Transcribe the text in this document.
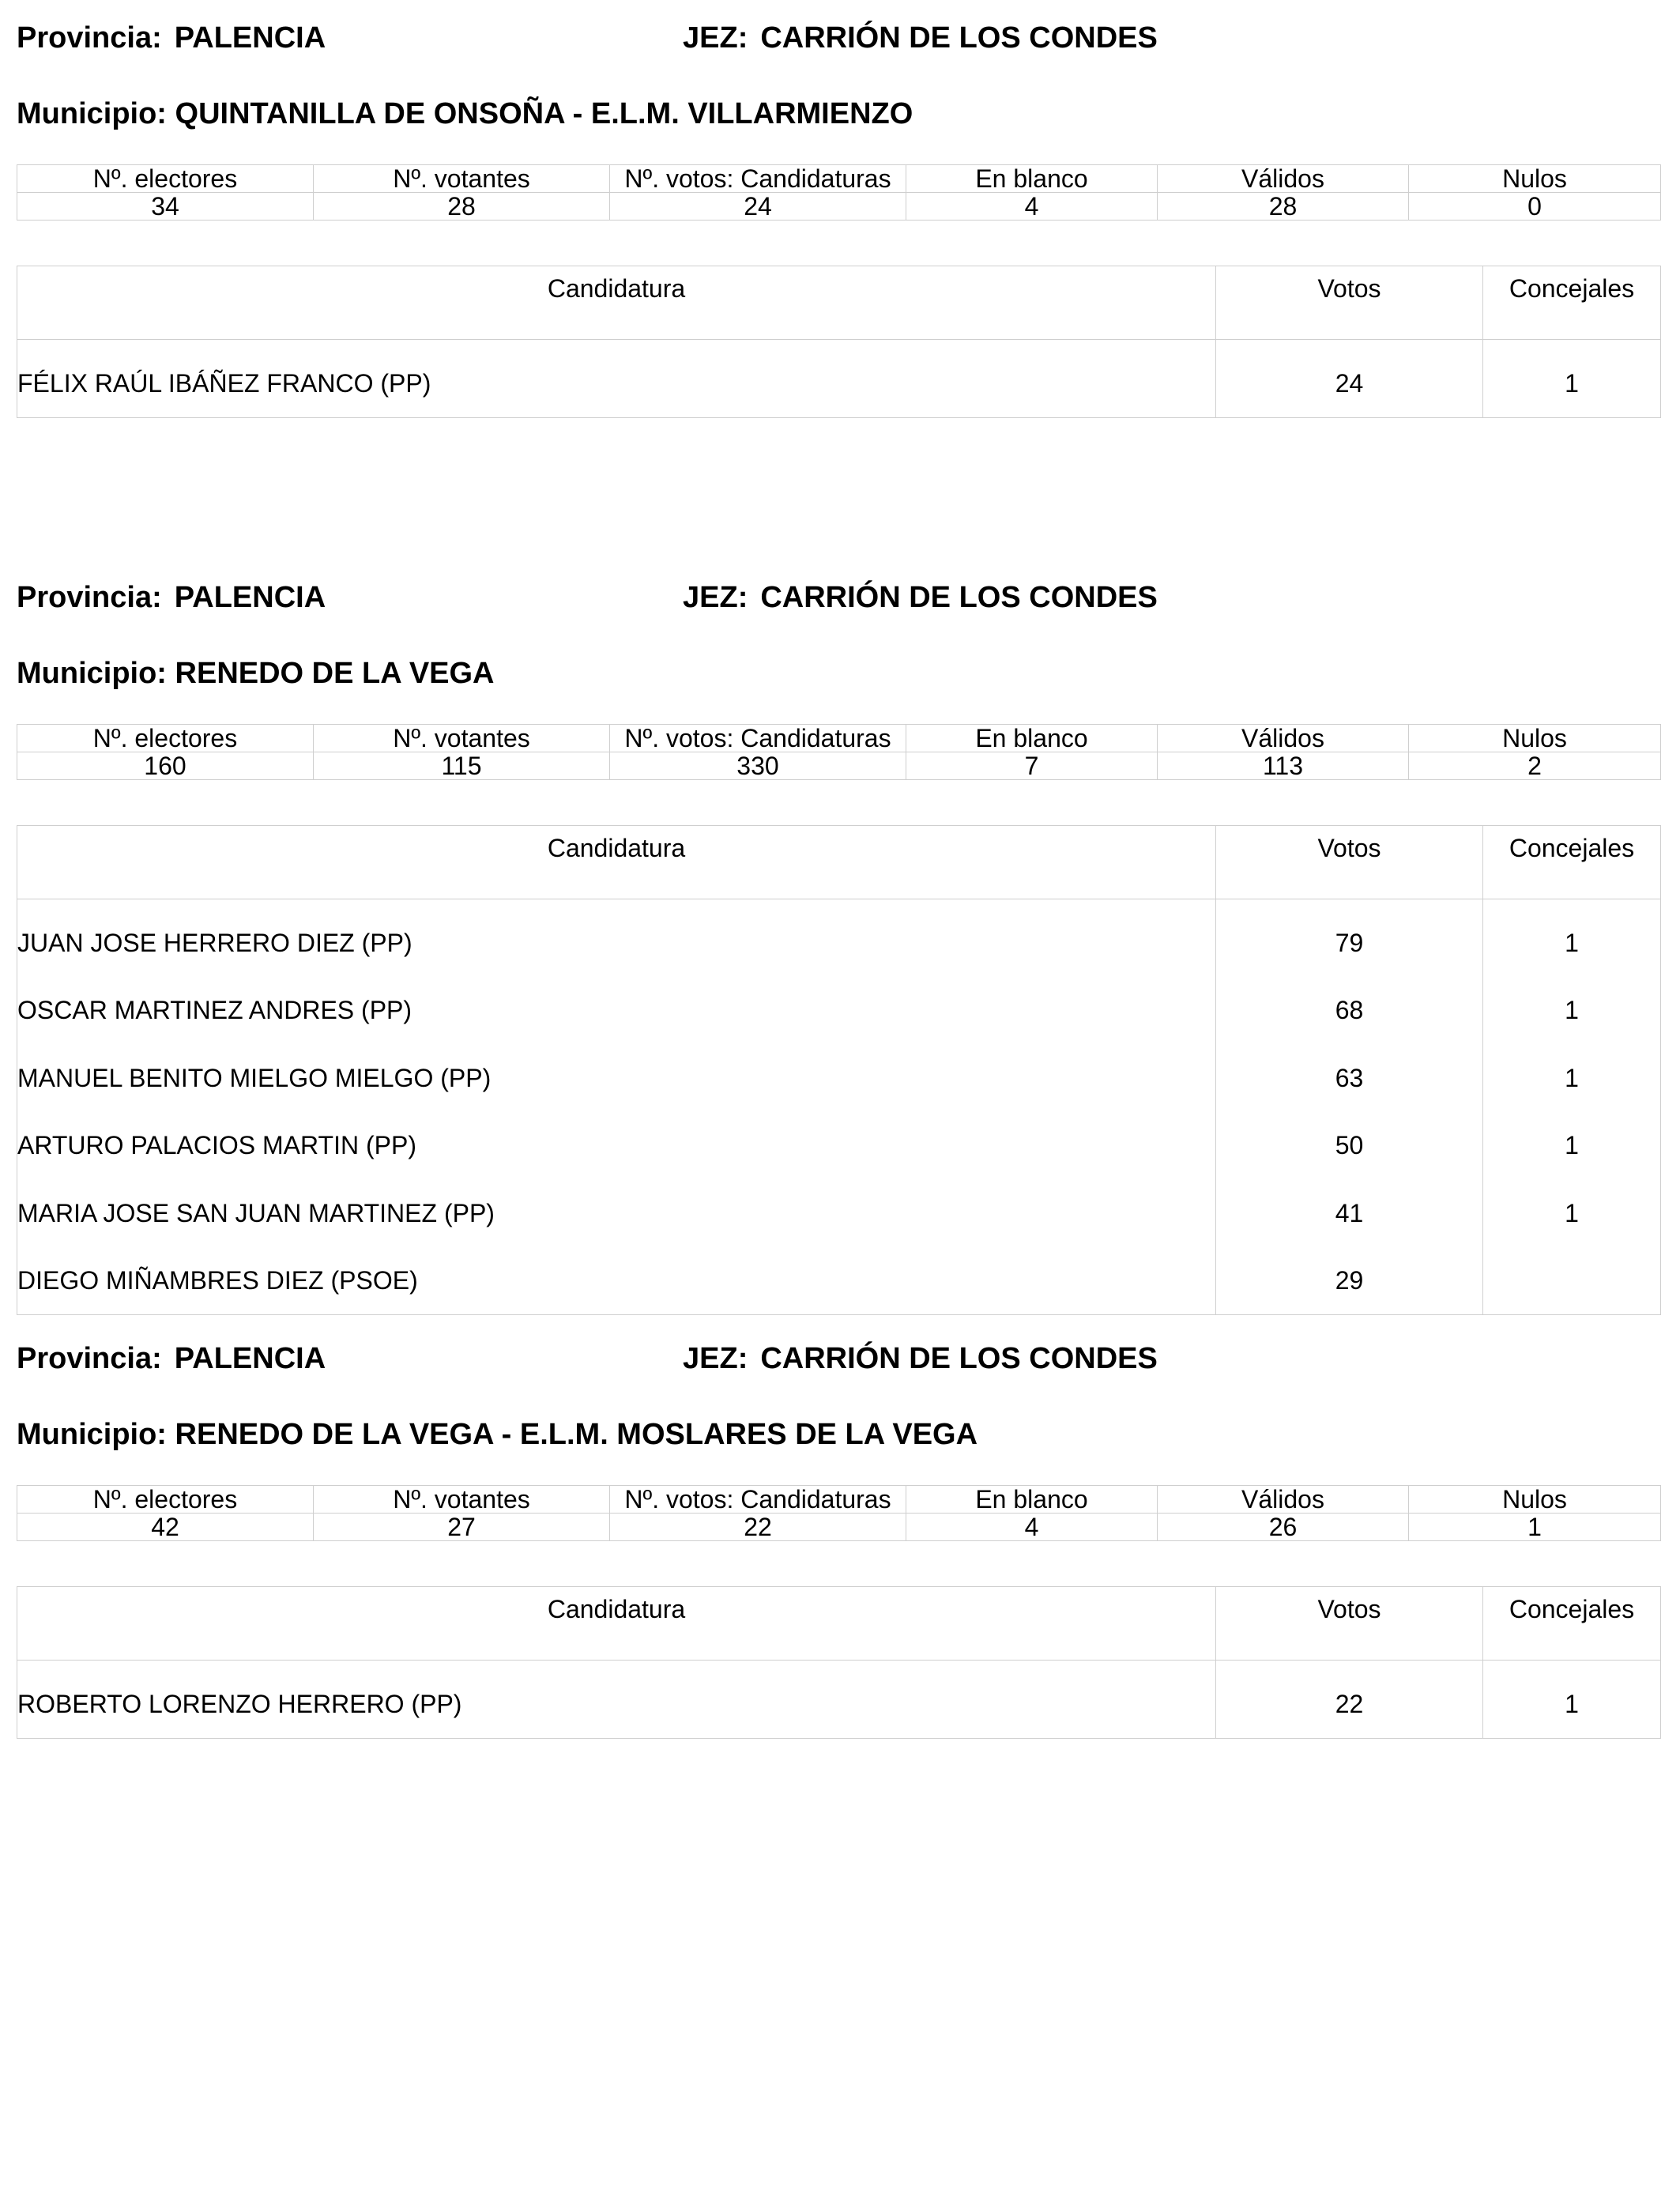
Provincia: PALENCIA	JEZ: CARRIÓN DE LOS CONDES
Municipio: QUINTANILLA DE ONSOÑA - E.L.M. VILLARMIENZO
Nº. electores	Nº. votantes	Nº. votos: Candidaturas	En blanco	Válidos	Nulos
34	28	24	4	28	0
Candidatura	Votos	Concejales
FÉLIX RAÚL IBÁÑEZ FRANCO (PP)	24	1
Provincia: PALENCIA	JEZ: CARRIÓN DE LOS CONDES
Municipio: RENEDO DE LA VEGA
Nº. electores	Nº. votantes	Nº. votos: Candidaturas	En blanco	Válidos	Nulos
160	115	330	7	113	2
Candidatura	Votos	Concejales
JUAN JOSE HERRERO DIEZ (PP)	79	1
OSCAR MARTINEZ ANDRES (PP)	68	1
MANUEL BENITO MIELGO MIELGO (PP)	63	1
ARTURO PALACIOS MARTIN (PP)	50	1
MARIA JOSE SAN JUAN MARTINEZ (PP)	41	1
DIEGO MIÑAMBRES DIEZ (PSOE)	29	
Provincia: PALENCIA	JEZ: CARRIÓN DE LOS CONDES
Municipio: RENEDO DE LA VEGA - E.L.M. MOSLARES DE LA VEGA
Nº. electores	Nº. votantes	Nº. votos: Candidaturas	En blanco	Válidos	Nulos
42	27	22	4	26	1
Candidatura	Votos	Concejales
ROBERTO LORENZO HERRERO (PP)	22	1
